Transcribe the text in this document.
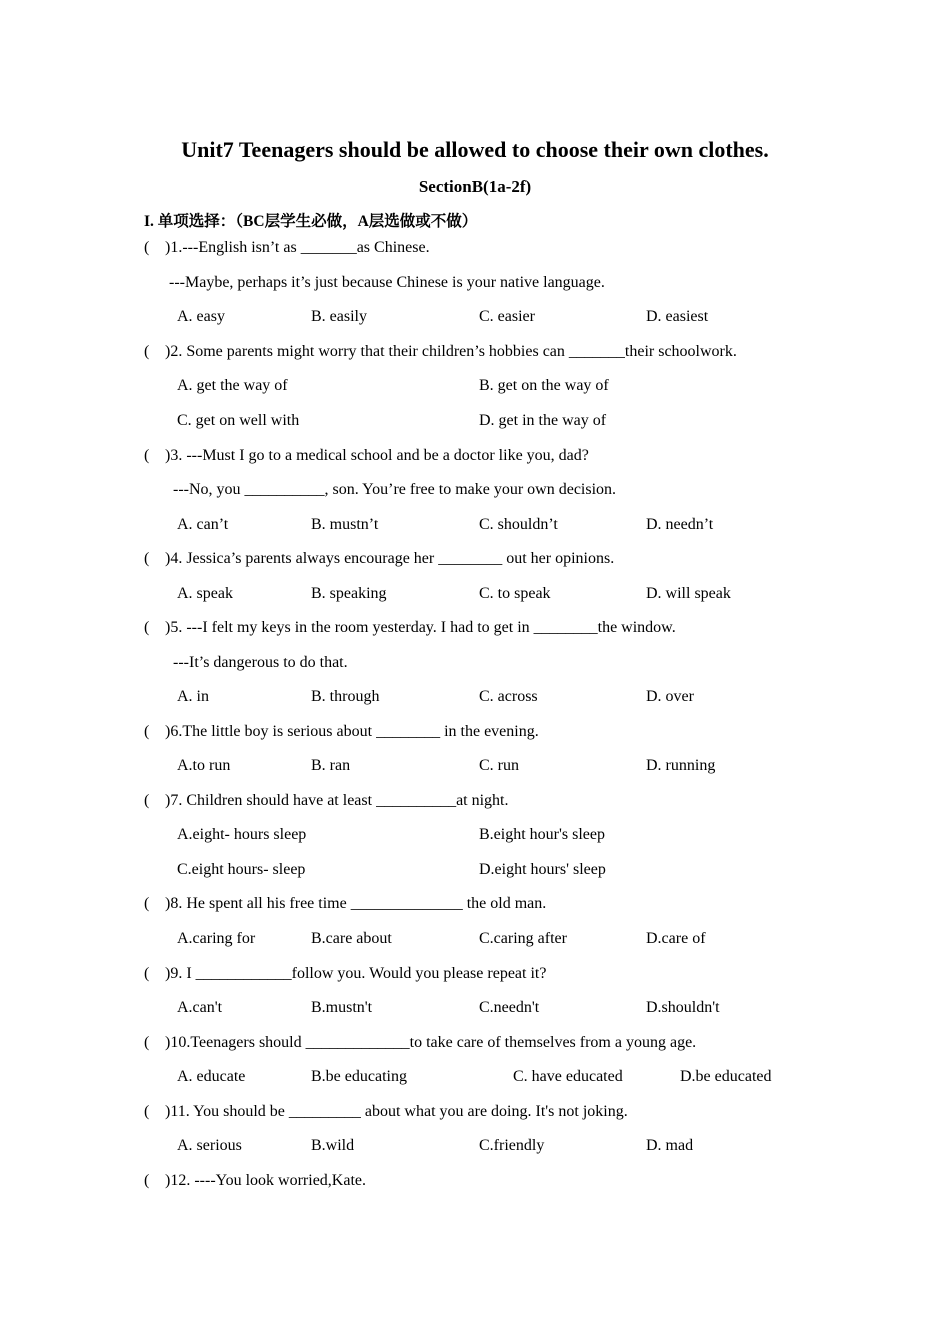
Unit7 Teenagers should be allowed to choose their own clothes.
SectionB(1a-2f)
I. 单项选择：（BC层学生必做，A层选做或不做）
( )1.---English isn’t as _______as Chinese.
---Maybe, perhaps it’s just because Chinese is your native language.
A. easy	B. easily	C. easier	D. easiest
( )2. Some parents might worry that their children’s hobbies can _______their schoolwork.
A. get the way of	B. get on the way of
C. get on well with	D. get in the way of
( )3. ---Must I go to a medical school and be a doctor like you, dad?
---No, you __________, son. You’re free to make your own decision.
A. can’t	B. mustn’t	C. shouldn’t	D. needn’t
( )4. Jessica’s parents always encourage her ________ out her opinions.
A. speak	B. speaking	C. to speak	D. will speak
( )5. ---I felt my keys in the room yesterday. I had to get in ________the window.
---It’s dangerous to do that.
A. in	B. through	C. across	D. over
( )6.The little boy is serious about ________ in the evening.
A.to run	B. ran	C. run	D. running
( )7. Children should have at least __________at night.
A.eight- hours sleep	B.eight hour's sleep
C.eight hours- sleep	D.eight hours' sleep
( )8. He spent all his free time ______________ the old man.
A.caring for	B.care about	C.caring after	D.care of
( )9. I ____________follow you. Would you please repeat it?
A.can't	B.mustn't	C.needn't	D.shouldn't
( )10.Teenagers should _____________to take care of themselves from a young age.
A. educate	B.be educating	C. have educated	D.be educated
( )11. You should be _________ about what you are doing. It's not joking.
A. serious	B.wild	C.friendly	D. mad
( )12. ----You look worried,Kate.
